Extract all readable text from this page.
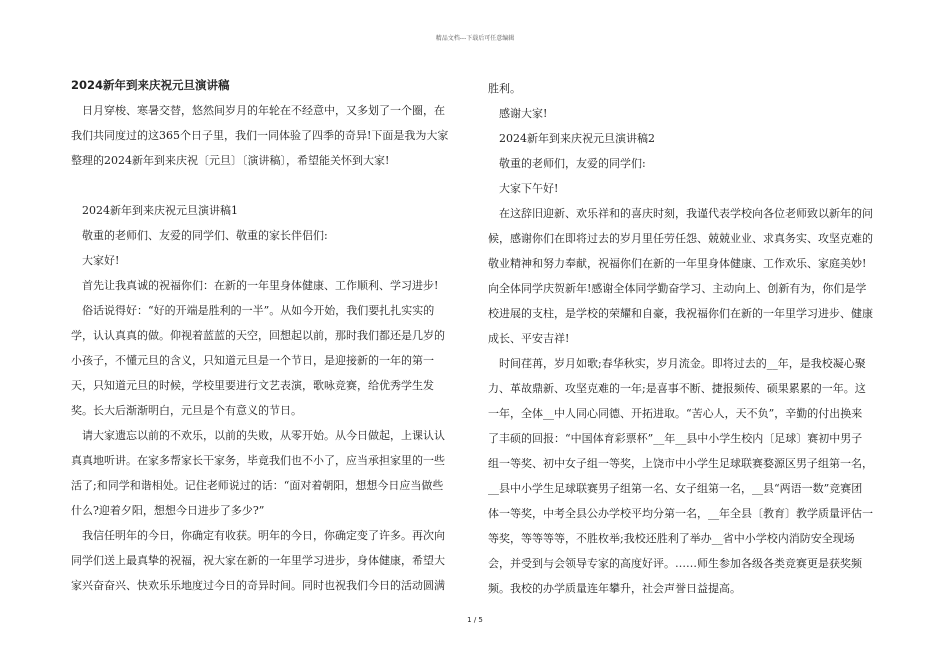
精品文档---下载后可任意编辑

2024新年到来庆祝元旦演讲稿

日月穿梭、寒暑交替，悠然间岁月的年轮在不经意中，又多划了一个圈，在我们共同度过的这365个日子里，我们一同体验了四季的奇异!下面是我为大家整理的2024新年到来庆祝〔元旦〕〔演讲稿〕，希望能关怀到大家!

2024新年到来庆祝元旦演讲稿1

敬重的老师们、友爱的同学们、敬重的家长伴侣们:

大家好!

首先让我真诚的祝福你们：在新的一年里身体健康、工作顺利、学习进步!

俗话说得好：“好的开端是胜利的一半”。从如今开始，我们要扎扎实实的学，认认真真的做。仰视着蓝蓝的天空，回想起以前，那时我们都还是几岁的小孩子，不懂元旦的含义，只知道元旦是一个节日，是迎接新的一年的第一天，只知道元旦的时候，学校里要进行文艺表演，歌咏竞赛，给优秀学生发奖。长大后渐渐明白，元旦是个有意义的节日。

请大家遗忘以前的不欢乐，以前的失败，从零开始。从今日做起，上课认认真真地听讲。在家多帮家长干家务，毕竟我们也不小了，应当承担家里的一些活了;和同学和谐相处。记住老师说过的话：“面对着朝阳，想想今日应当做些什么?迎着夕阳，想想今日进步了多少?”

我信任明年的今日，你确定有收获。明年的今日，你确定变了许多。再次向同学们送上最真挚的祝福，祝大家在新的一年里学习进步，身体健康，希望大家兴奋奋兴、快欢乐乐地度过今日的奇异时间。同时也祝我们今日的活动圆满

胜利。

感谢大家!

2024新年到来庆祝元旦演讲稿2

敬重的老师们，友爱的同学们:

大家下午好!

在这辞旧迎新、欢乐祥和的喜庆时刻，我谨代表学校向各位老师致以新年的问候，感谢你们在即将过去的岁月里任劳任怨、兢兢业业、求真务实、攻坚克难的敬业精神和努力奉献，祝福你们在新的一年里身体健康、工作欢乐、家庭美妙!向全体同学庆贺新年!感谢全体同学勤奋学习、主动向上、创新有为，你们是学校进展的支柱，是学校的荣耀和自豪，我祝福你们在新的一年里学习进步、健康成长、平安吉祥!

时间荏苒，岁月如歌;春华秋实，岁月流金。即将过去的__年，是我校凝心聚力、革故鼎新、攻坚克难的一年;是喜事不断、捷报频传、硕果累累的一年。这一年，全体__中人同心同德、开拓进取。“苦心人，天不负”，辛勤的付出换来了丰硕的回报：“中国体育彩票杯”__年__县中小学生校内〔足球〕赛初中男子组一等奖、初中女子组一等奖，上饶市中小学生足球联赛婺源区男子组第一名，__县中小学生足球联赛男子组第一名、女子组第一名，__县“两语一数”竞赛团体一等奖，中考全县公办学校平均分第一名，__年全县〔教育〕教学质量评估一等奖，等等等等，不胜枚举;我校还胜利了举办__省中小学校内消防安全现场会，并受到与会领导专家的高度好评。……师生参加各级各类竞赛更是获奖频频。我校的办学质量连年攀升，社会声誉日益提高。

1 / 5
